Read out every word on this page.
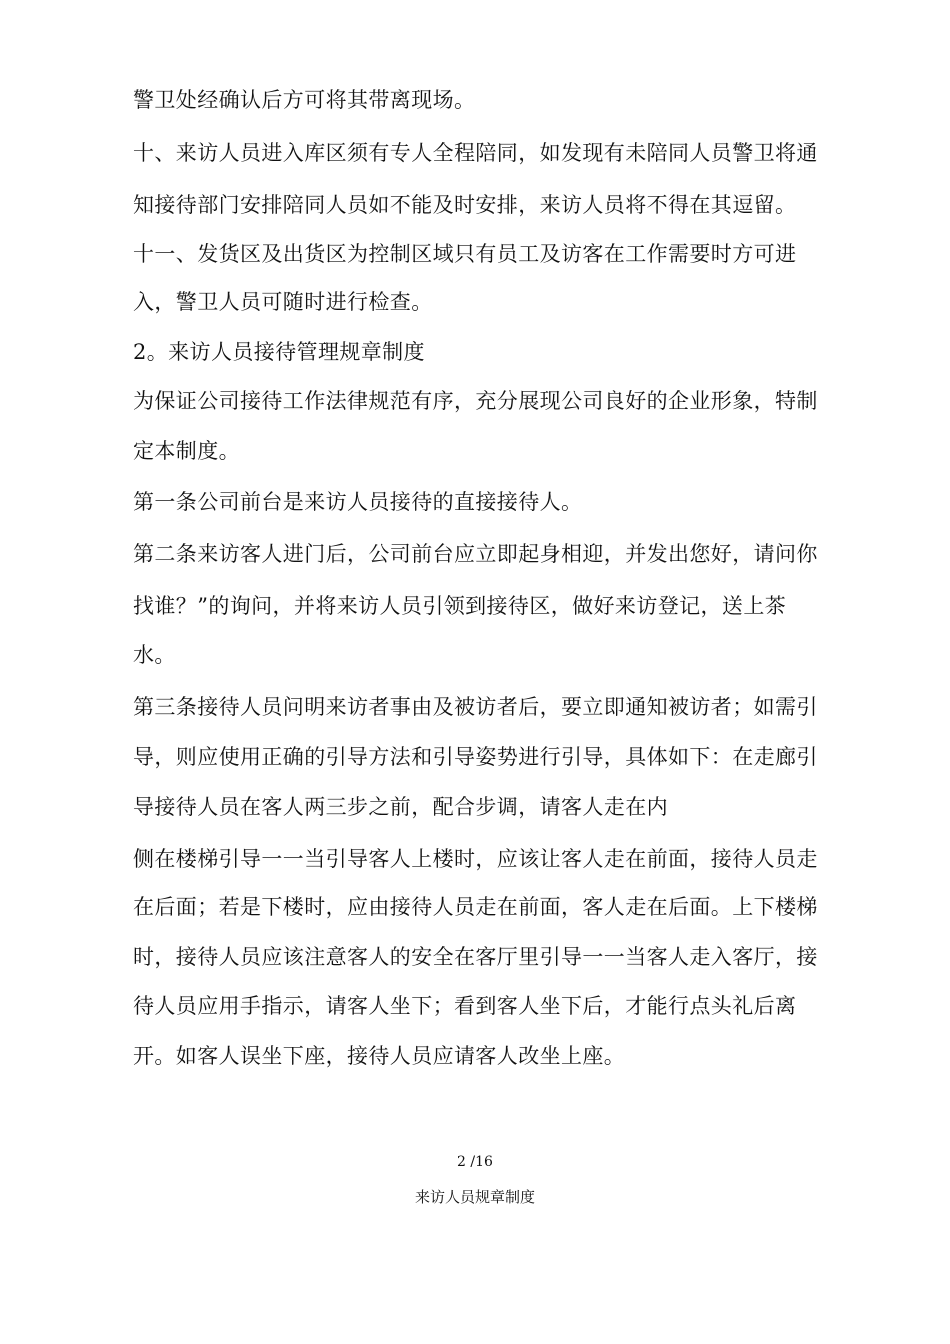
警卫处经确认后方可将其带离现场。
十、来访人员进入库区须有专人全程陪同，如发现有未陪同人员警卫将通
知接待部门安排陪同人员如不能及时安排，来访人员将不得在其逗留。
十一、发货区及出货区为控制区域只有员工及访客在工作需要时方可进
入，警卫人员可随时进行检查。
2。来访人员接待管理规章制度
为保证公司接待工作法律规范有序，充分展现公司良好的企业形象，特制
定本制度。
第一条公司前台是来访人员接待的直接接待人。
第二条来访客人进门后，公司前台应立即起身相迎，并发出您好，请问你
找谁？”的询问，并将来访人员引领到接待区，做好来访登记，送上茶
水。
第三条接待人员问明来访者事由及被访者后，要立即通知被访者；如需引
导，则应使用正确的引导方法和引导姿势进行引导，具体如下：在走廊引
导接待人员在客人两三步之前，配合步调，请客人走在内
侧在楼梯引导一一当引导客人上楼时，应该让客人走在前面，接待人员走
在后面；若是下楼时，应由接待人员走在前面，客人走在后面。上下楼梯
时，接待人员应该注意客人的安全在客厅里引导一一当客人走入客厅，接
待人员应用手指示，请客人坐下；看到客人坐下后，才能行点头礼后离
开。如客人误坐下座，接待人员应请客人改坐上座。
2 /16
来访人员规章制度
